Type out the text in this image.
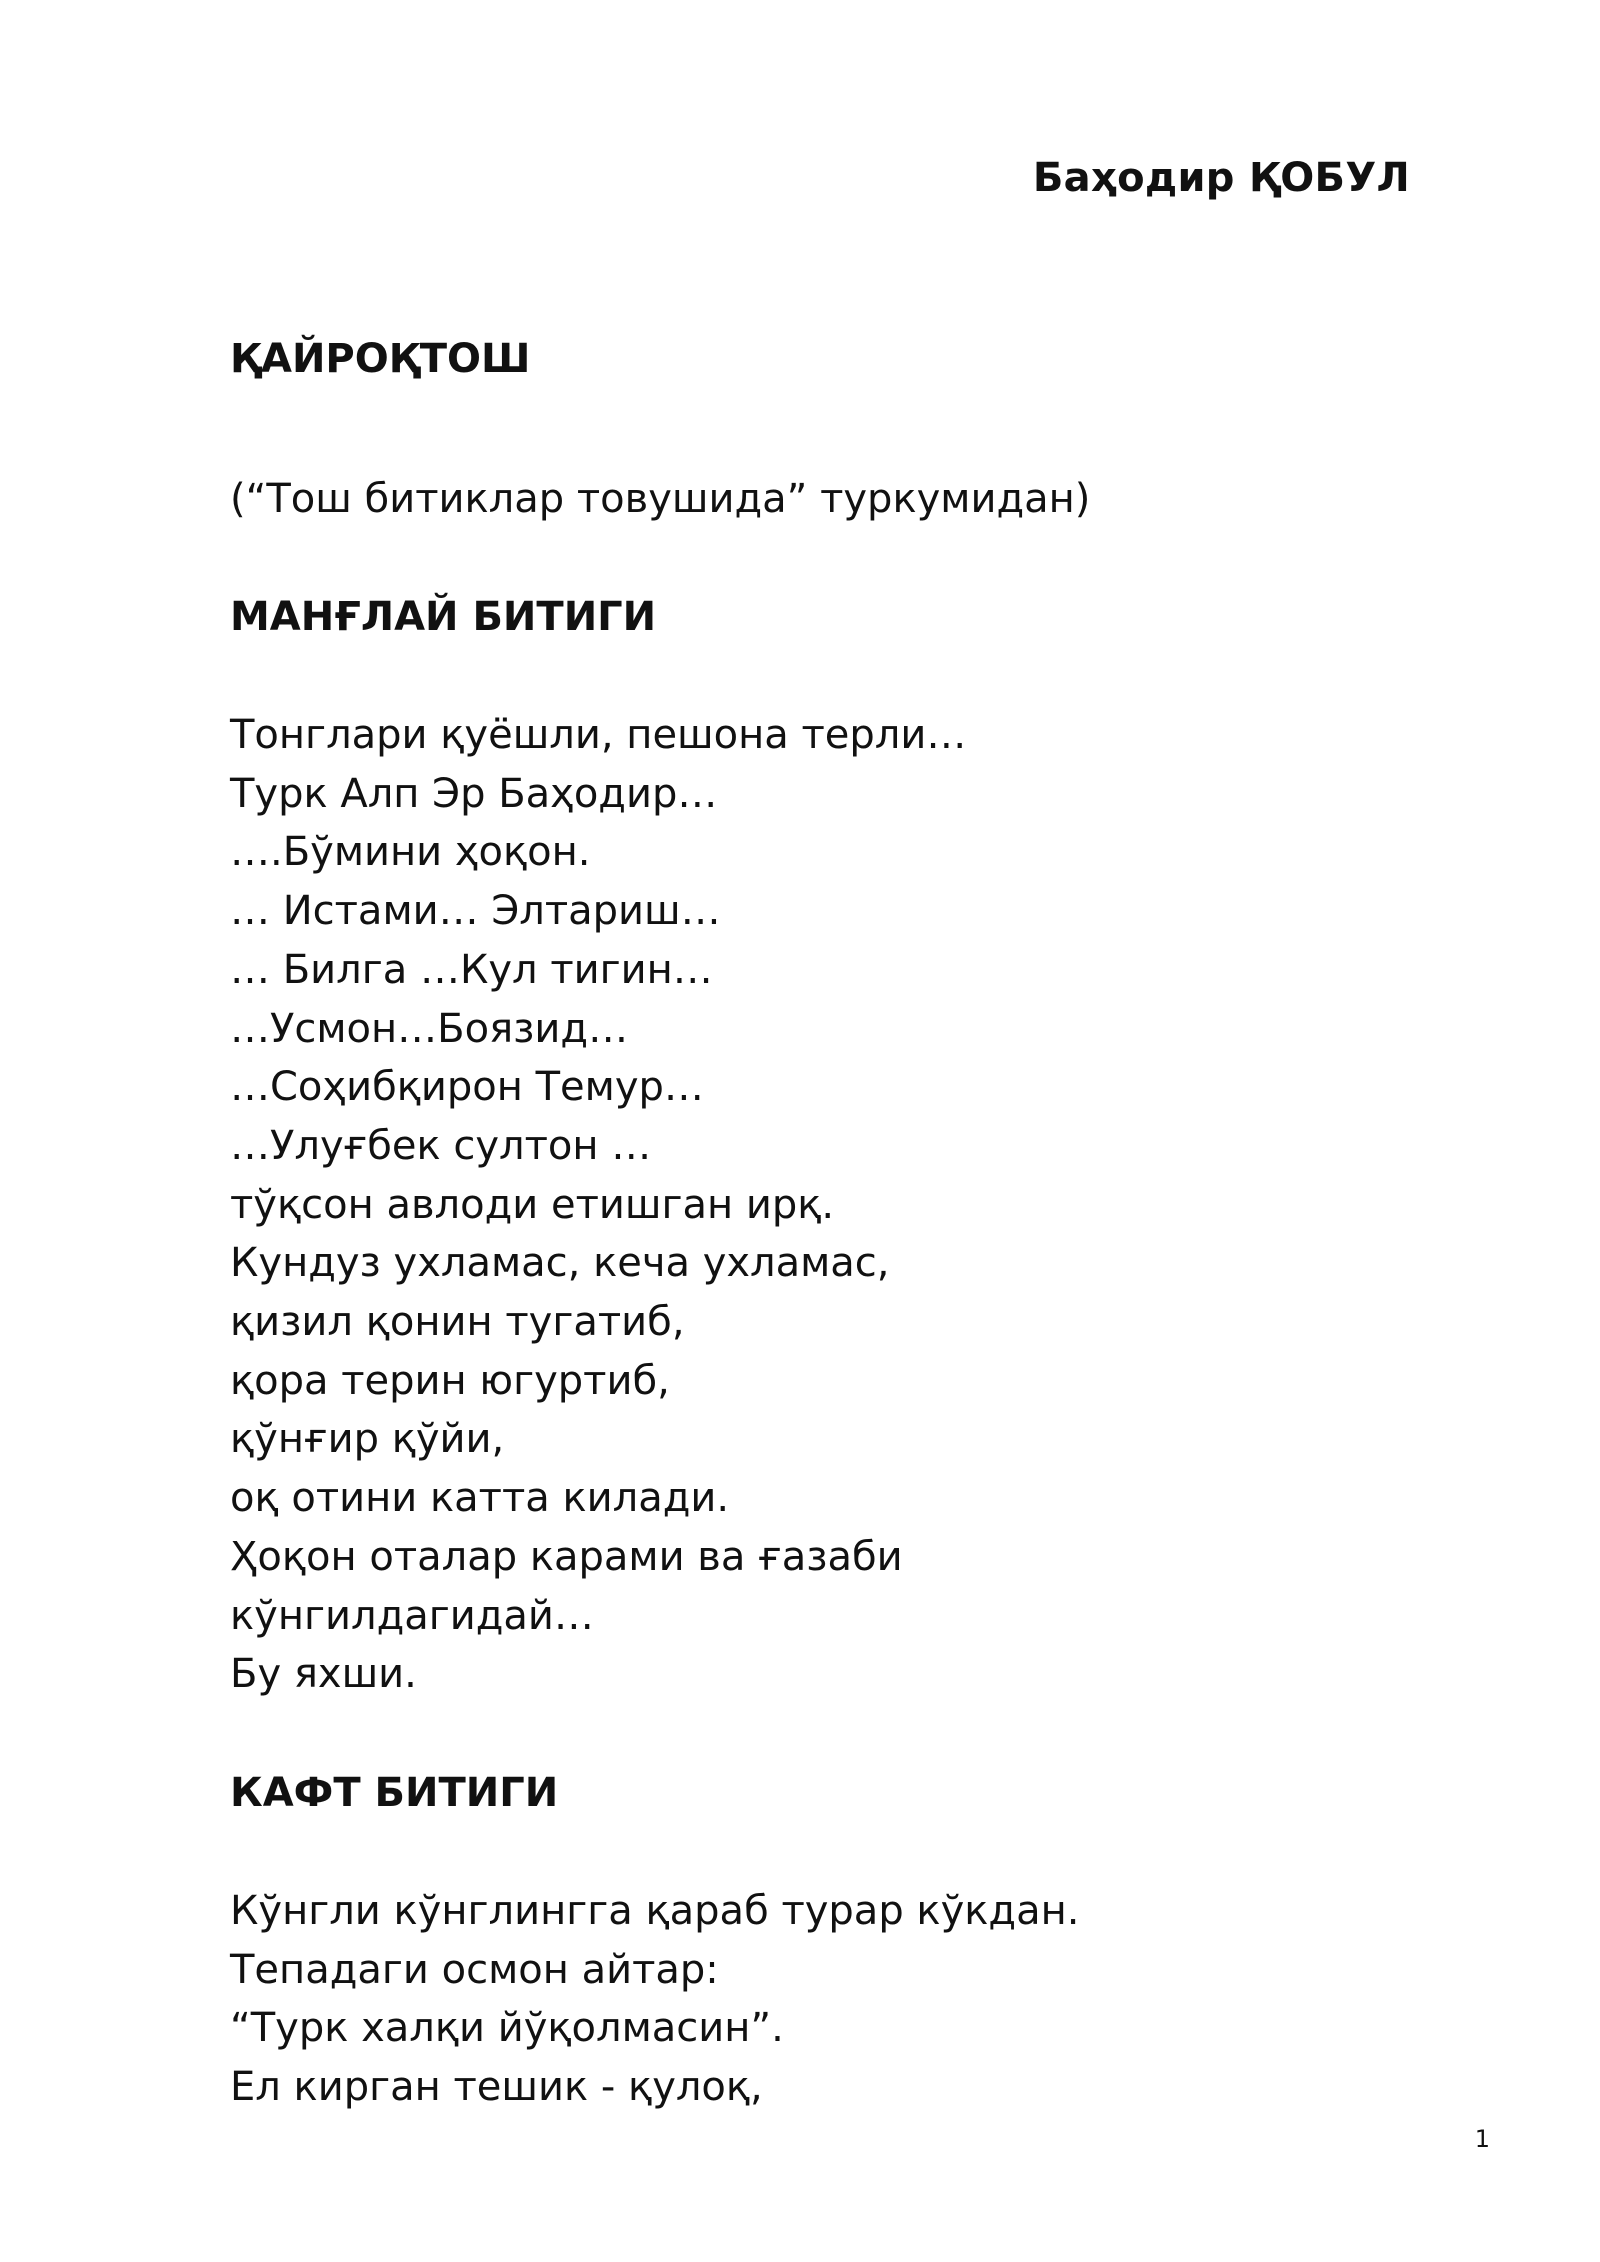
Баҳодир ҚОБУЛ
ҚАЙРОҚТОШ

(“Тош битиклар товушида” туркумидан)

МАНҒЛАЙ БИТИГИ
Тонглари қуёшли, пешона терли…
Турк Алп Эр Баҳодир…
….Бўмини ҳоқон.
… Истами… Элтариш…
… Билга …Кул тигин…
…Усмон…Боязид…
…Соҳибқирон Темур…
…Улуғбек султон …
тўқсон авлоди етишган ирқ.
Кундуз ухламас, кеча ухламас,
қизил қонин тугатиб,
қора терин югуртиб,
қўнғир қўйи,
оқ отини катта килади.
Ҳоқон оталар карами ва ғазаби
кўнгилдагидай…
Бу яхши.
КАФТ БИТИГИ
Кўнгли кўнглингга қараб турар кўкдан.
Тепадаги осмон айтар:
“Турк халқи йўқолмасин”.
Ел кирган тешик - қулоқ,
1
